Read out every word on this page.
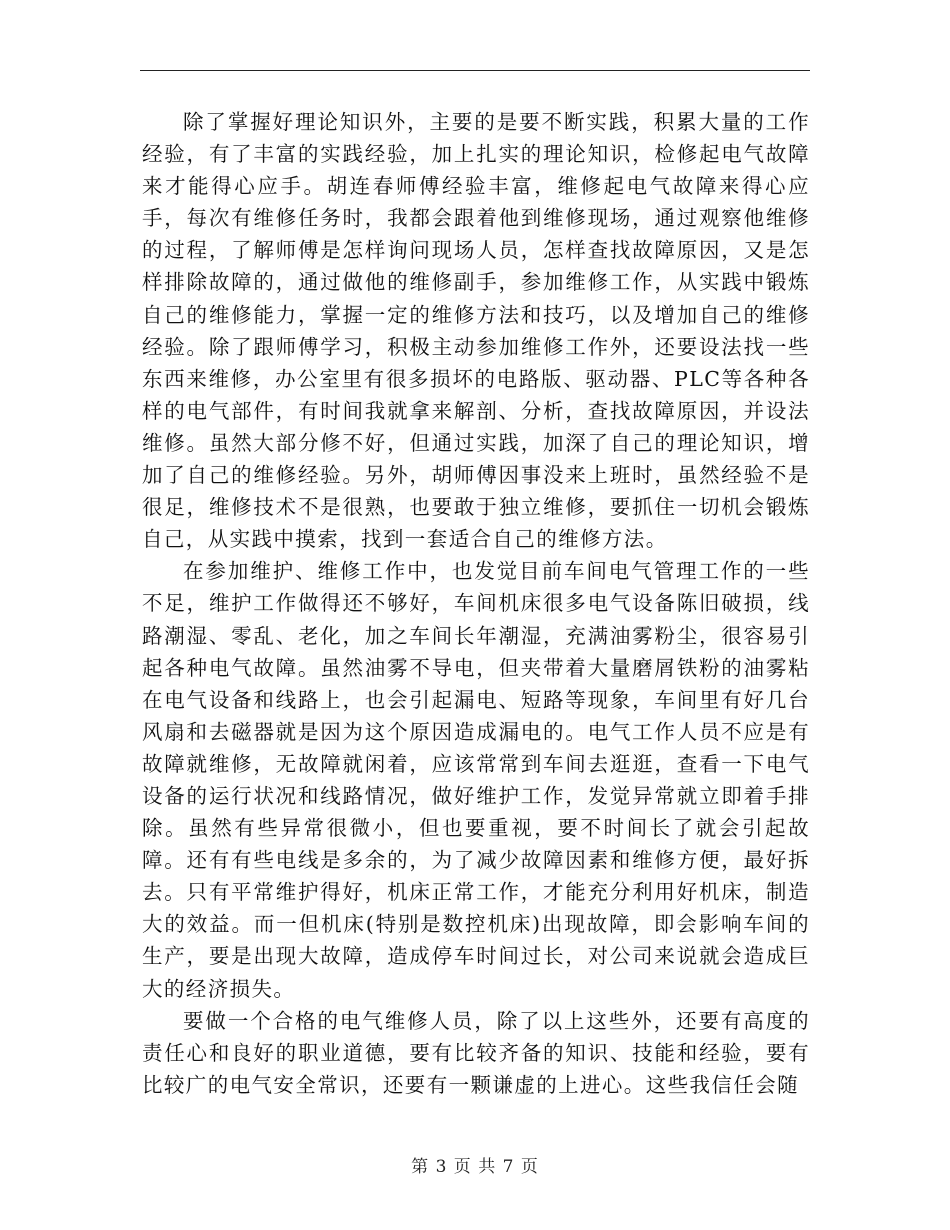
除了掌握好理论知识外，主要的是要不断实践，积累大量的工作经验，有了丰富的实践经验，加上扎实的理论知识，检修起电气故障来才能得心应手。胡连春师傅经验丰富，维修起电气故障来得心应手，每次有维修任务时，我都会跟着他到维修现场，通过观察他维修的过程，了解师傅是怎样询问现场人员，怎样查找故障原因，又是怎样排除故障的，通过做他的维修副手，参加维修工作，从实践中锻炼自己的维修能力，掌握一定的维修方法和技巧，以及增加自己的维修经验。除了跟师傅学习，积极主动参加维修工作外，还要设法找一些东西来维修，办公室里有很多损坏的电路版、驱动器、PLC等各种各样的电气部件，有时间我就拿来解剖、分析，查找故障原因，并设法维修。虽然大部分修不好，但通过实践，加深了自己的理论知识，增加了自己的维修经验。另外，胡师傅因事没来上班时，虽然经验不是很足，维修技术不是很熟，也要敢于独立维修，要抓住一切机会锻炼自己，从实践中摸索，找到一套适合自己的维修方法。

在参加维护、维修工作中，也发觉目前车间电气管理工作的一些不足，维护工作做得还不够好，车间机床很多电气设备陈旧破损，线路潮湿、零乱、老化，加之车间长年潮湿，充满油雾粉尘，很容易引起各种电气故障。虽然油雾不导电，但夹带着大量磨屑铁粉的油雾粘在电气设备和线路上，也会引起漏电、短路等现象，车间里有好几台风扇和去磁器就是因为这个原因造成漏电的。电气工作人员不应是有故障就维修，无故障就闲着，应该常常到车间去逛逛，查看一下电气设备的运行状况和线路情况，做好维护工作，发觉异常就立即着手排除。虽然有些异常很微小，但也要重视，要不时间长了就会引起故障。还有有些电线是多余的，为了减少故障因素和维修方便，最好拆去。只有平常维护得好，机床正常工作，才能充分利用好机床，制造大的效益。而一但机床(特别是数控机床)出现故障，即会影响车间的生产，要是出现大故障，造成停车时间过长，对公司来说就会造成巨大的经济损失。

要做一个合格的电气维修人员，除了以上这些外，还要有高度的责任心和良好的职业道德，要有比较齐备的知识、技能和经验，要有比较广的电气安全常识，还要有一颗谦虚的上进心。这些我信任会随

第 3 页 共 7 页
